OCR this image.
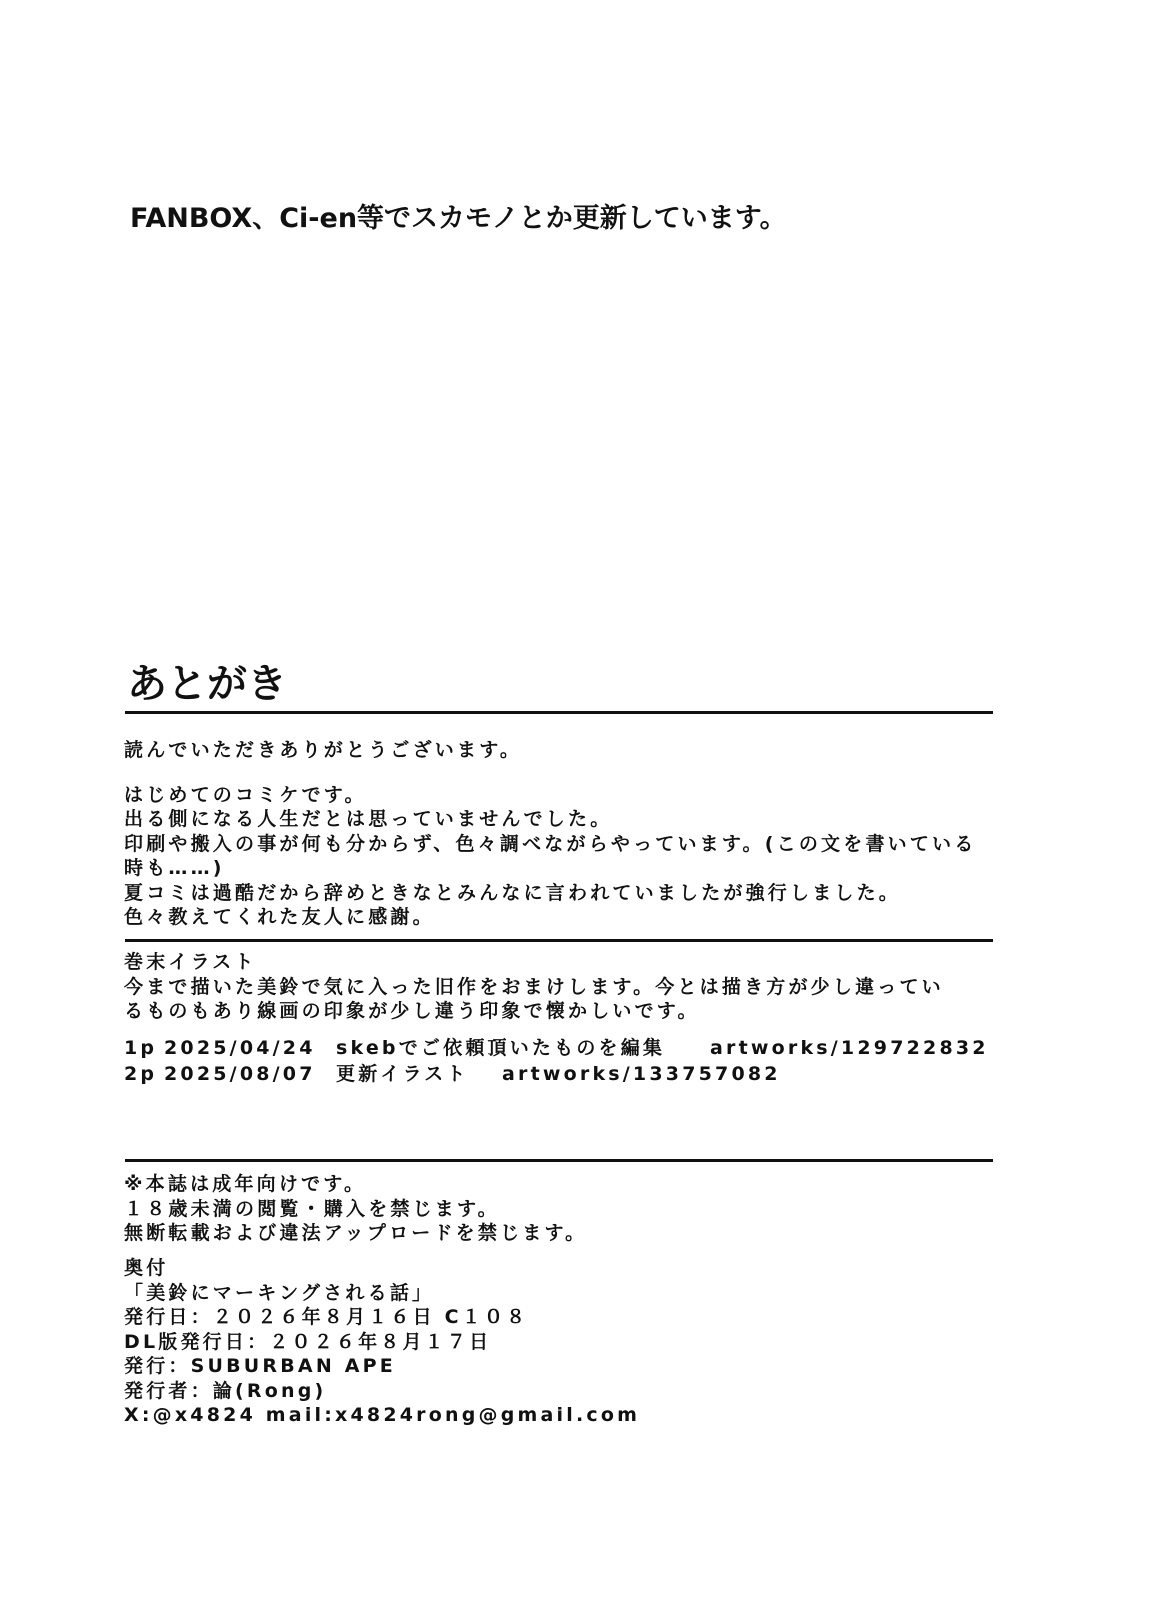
FANBOX、Ci-en等でスカモノとか更新しています。
あとがき
読んでいただきありがとうございます。
はじめてのコミケです。
出る側になる人生だとは思っていませんでした。
印刷や搬入の事が何も分からず、色々調べながらやっています。(この文を書いている
時も……)
夏コミは過酷だから辞めときなとみんなに言われていましたが強行しました。
色々教えてくれた友人に感謝。
巻末イラスト
今まで描いた美鈴で気に入った旧作をおまけします。今とは描き方が少し違ってい
るものもあり線画の印象が少し違う印象で懐かしいです。
1p 2025/04/24	skebでご依頼頂いたものを編集	artworks/129722832
2p 2025/08/07	更新イラスト	artworks/133757082
※本誌は成年向けです。
１８歳未満の閲覧・購入を禁じます。
無断転載および違法アップロードを禁じます。
奥付
「美鈴にマーキングされる話」
発行日：２０２６年８月１６日 C１０８
DL版発行日：２０２６年８月１７日
発行：SUBURBAN APE
発行者：論(Rong)
X:@x4824 mail:x4824rong@gmail.com
